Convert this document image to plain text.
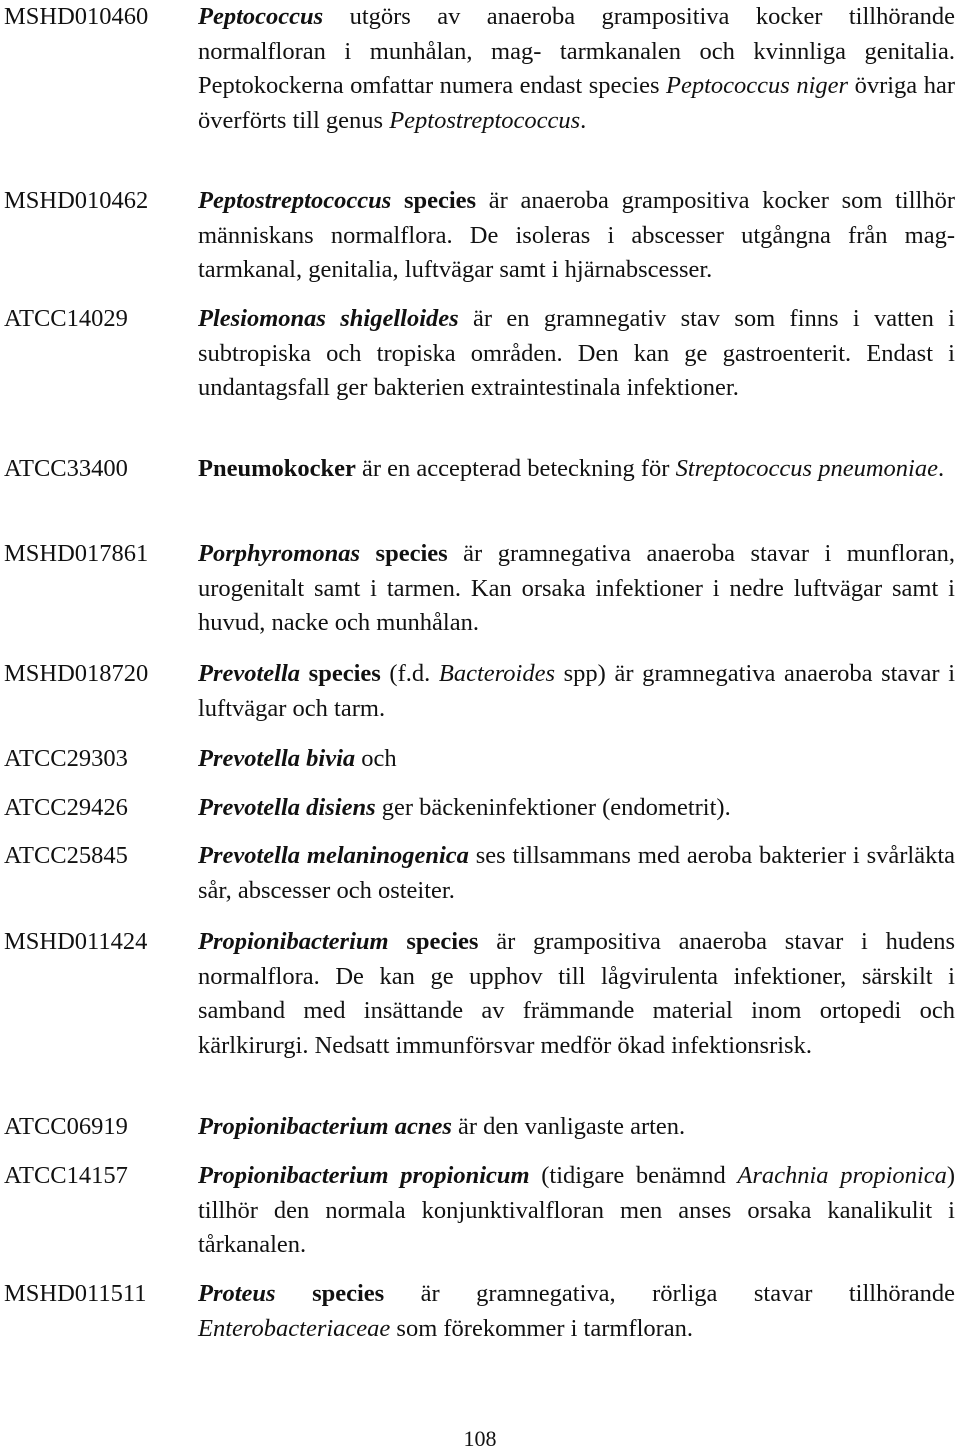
MSHD010460 Peptococcus utgörs av anaeroba grampositiva kocker tillhörande normalfloran i munhålan, mag- tarmkanalen och kvinnliga genitalia. Peptokockerna omfattar numera endast species Peptococcus niger övriga har överförts till genus Peptostreptococcus.
MSHD010462 Peptostreptococcus species är anaeroba grampositiva kocker som tillhör människans normalflora. De isoleras i abscesser utgångna från mag- tarmkanal, genitalia, luftvägar samt i hjärnabscesser.
ATCC14029	Plesiomonas shigelloides är en gramnegativ stav som finns i vatten i subtropiska och tropiska områden. Den kan ge gastroenterit. Endast i undantagsfall ger bakterien extraintestinala infektioner.
ATCC33400	Pneumokocker är en accepterad beteckning för Streptococcus pneumoniae.
MSHD017861 Porphyromonas species är gramnegativa anaeroba stavar i munfloran, urogenitalt samt i tarmen. Kan orsaka infektioner i nedre luftvägar samt i huvud, nacke och munhålan.
MSHD018720 Prevotella species (f.d. Bacteroides spp) är gramnegativa anaeroba stavar i luftvägar och tarm.
ATCC29303	Prevotella bivia och
ATCC29426	Prevotella disiens ger bäckeninfektioner (endometrit).
ATCC25845	Prevotella melaninogenica ses tillsammans med aeroba bakterier i svårläkta sår, abscesser och osteiter.
MSHD011424 Propionibacterium species är grampositiva anaeroba stavar i hudens normalflora. De kan ge upphov till lågvirulenta infektioner, särskilt i samband med insättande av främmande material inom ortopedi och kärlkirurgi. Nedsatt immunförsvar medför ökad infektionsrisk.
ATCC06919	Propionibacterium acnes är den vanligaste arten.
ATCC14157	Propionibacterium propionicum (tidigare benämnd Arachnia propionica) tillhör den normala konjunktivalfloran men anses orsaka kanalikulit i tårkanalen.
MSHD011511 Proteus species är gramnegativa, rörliga stavar tillhörande Enterobacteriaceae som förekommer i tarmfloran.
108
